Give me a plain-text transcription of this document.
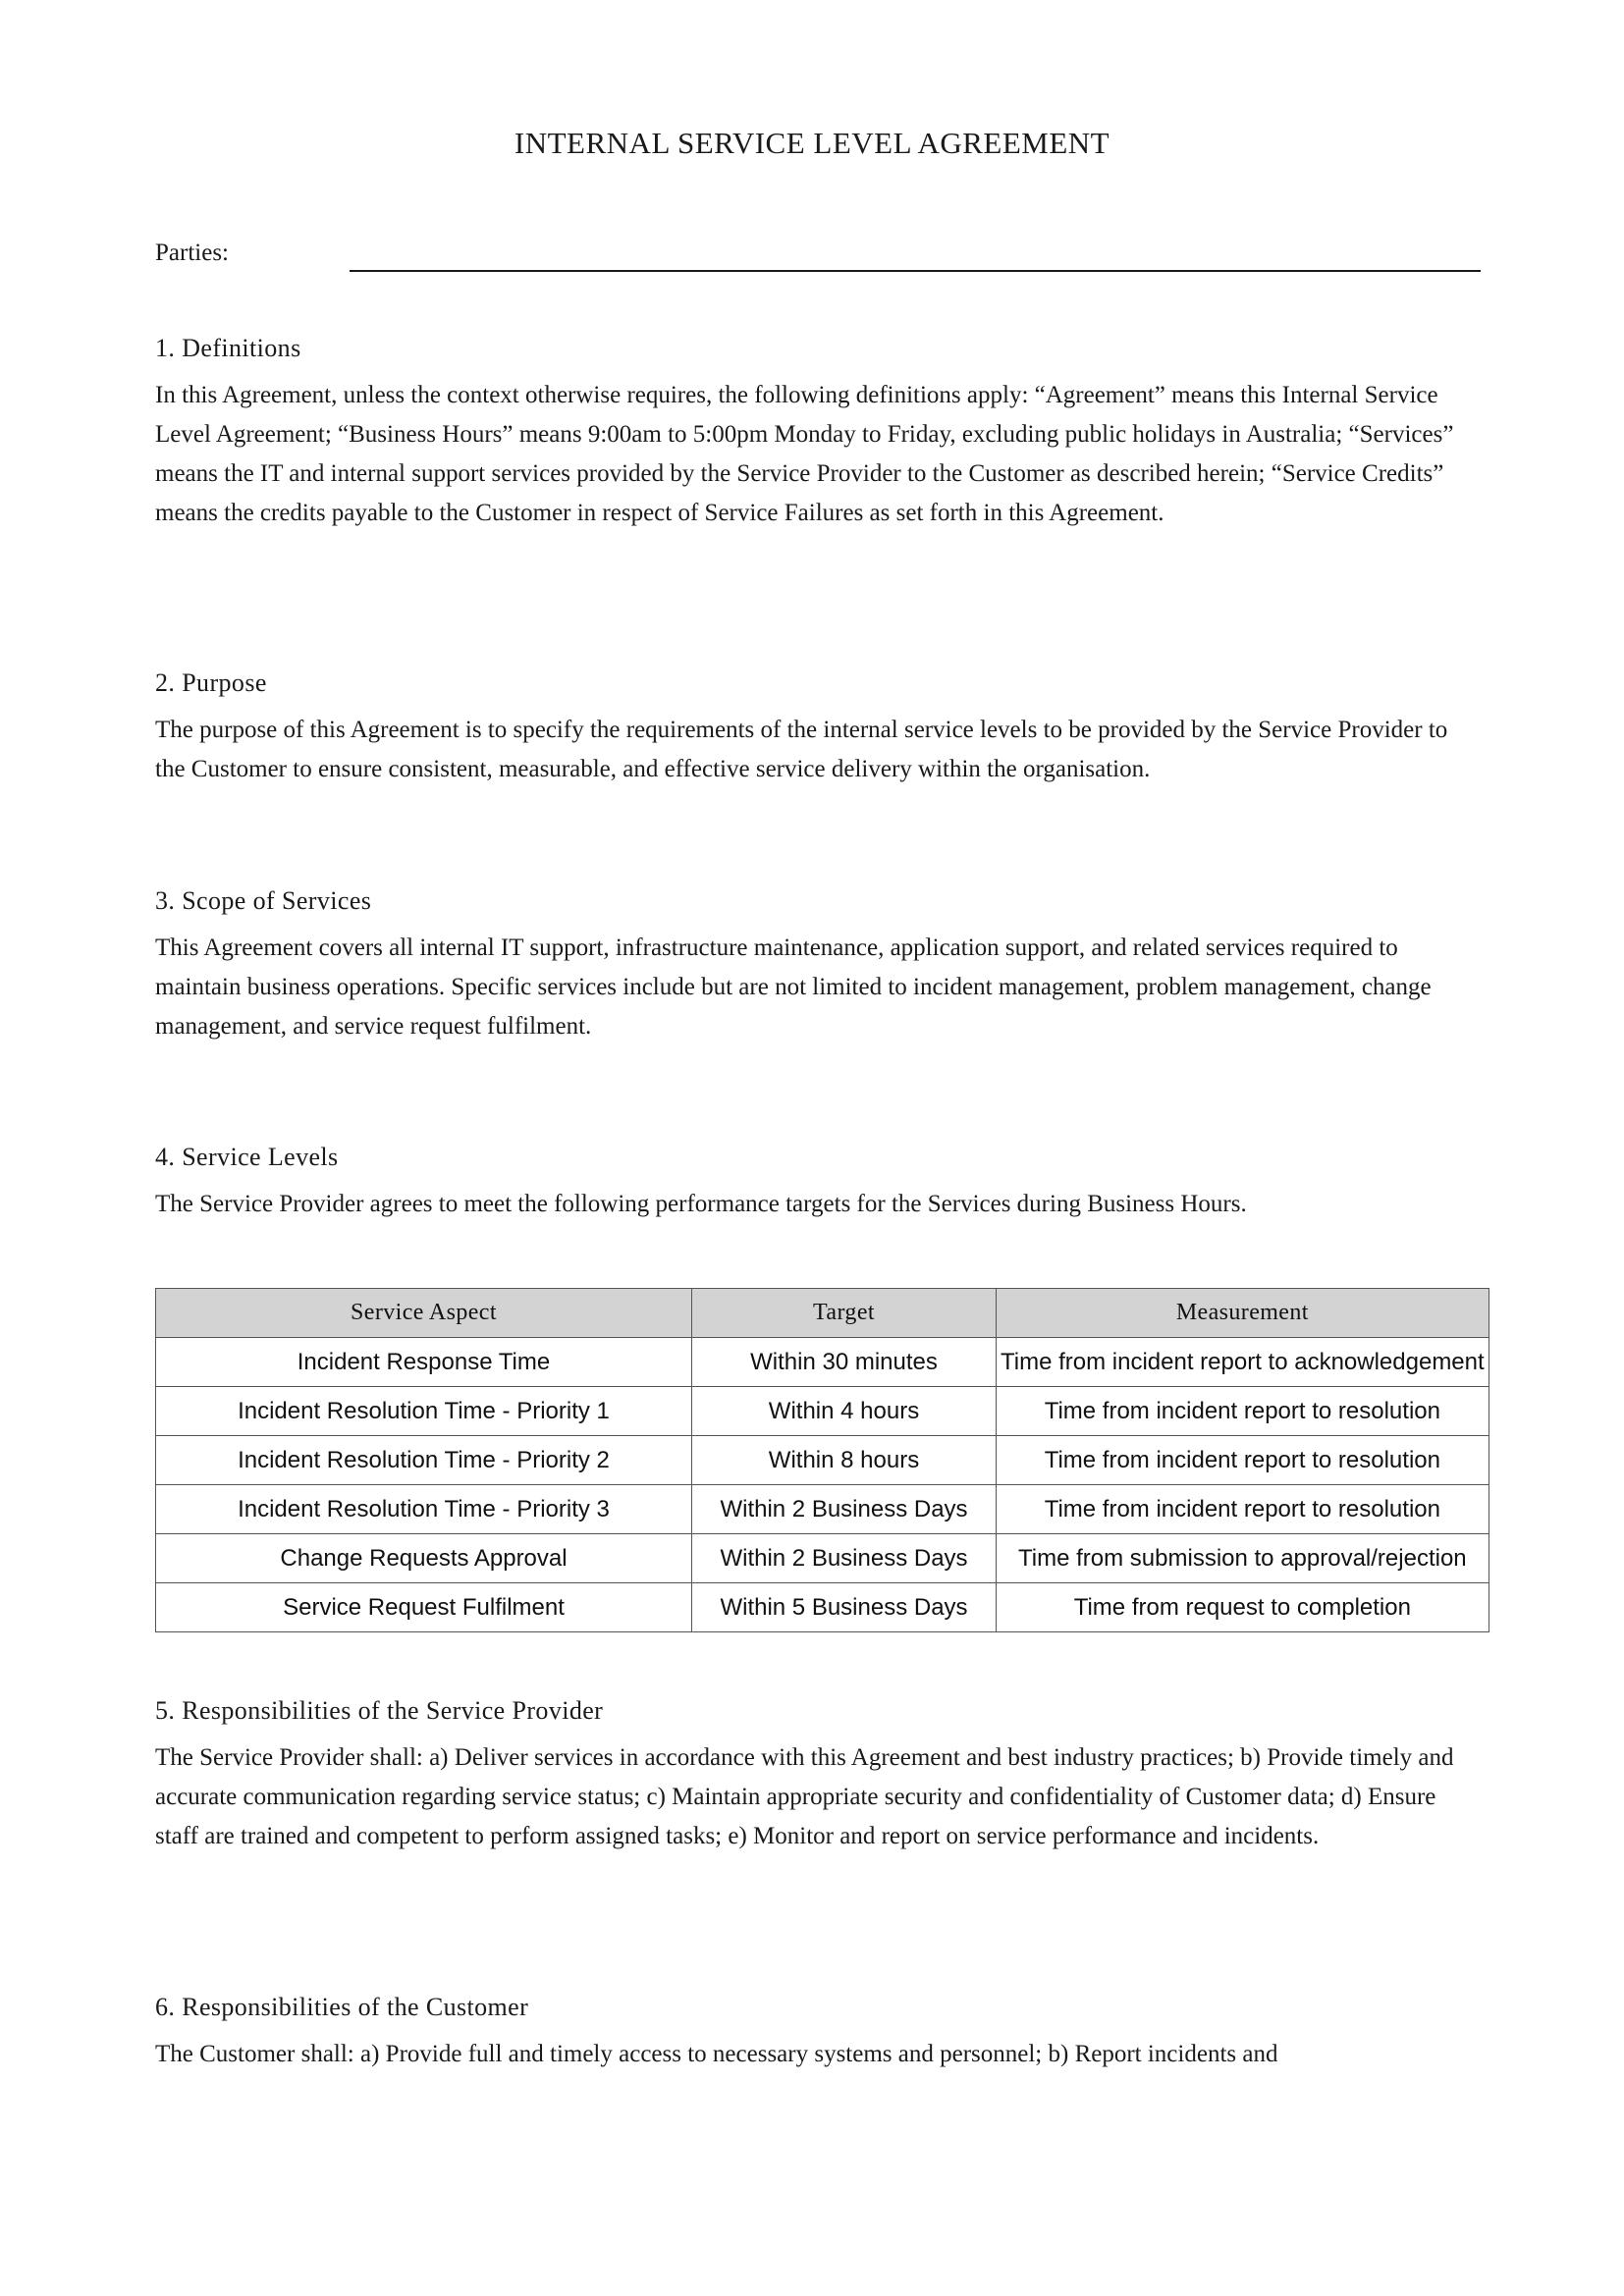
INTERNAL SERVICE LEVEL AGREEMENT
Parties:
1. Definitions

In this Agreement, unless the context otherwise requires, the following definitions apply: “Agreement” means this Internal Service Level Agreement; “Business Hours” means 9:00am to 5:00pm Monday to Friday, excluding public holidays in Australia; “Services” means the IT and internal support services provided by the Service Provider to the Customer as described herein; “Service Credits” means the credits payable to the Customer in respect of Service Failures as set forth in this Agreement.

2. Purpose

The purpose of this Agreement is to specify the requirements of the internal service levels to be provided by the Service Provider to the Customer to ensure consistent, measurable, and effective service delivery within the organisation.

3. Scope of Services

This Agreement covers all internal IT support, infrastructure maintenance, application support, and related services required to maintain business operations. Specific services include but are not limited to incident management, problem management, change management, and service request fulfilment.

4. Service Levels

The Service Provider agrees to meet the following performance targets for the Services during Business Hours.

Service Aspect	Target	Measurement
Incident Response Time	Within 30 minutes	Time from incident report to acknowledgement
Incident Resolution Time - Priority 1	Within 4 hours	Time from incident report to resolution
Incident Resolution Time - Priority 2	Within 8 hours	Time from incident report to resolution
Incident Resolution Time - Priority 3	Within 2 Business Days	Time from incident report to resolution
Change Requests Approval	Within 2 Business Days	Time from submission to approval/rejection
Service Request Fulfilment	Within 5 Business Days	Time from request to completion
5. Responsibilities of the Service Provider

The Service Provider shall: a) Deliver services in accordance with this Agreement and best industry practices; b) Provide timely and accurate communication regarding service status; c) Maintain appropriate security and confidentiality of Customer data; d) Ensure staff are trained and competent to perform assigned tasks; e) Monitor and report on service performance and incidents.

6. Responsibilities of the Customer

The Customer shall: a) Provide full and timely access to necessary systems and personnel; b) Report incidents and
